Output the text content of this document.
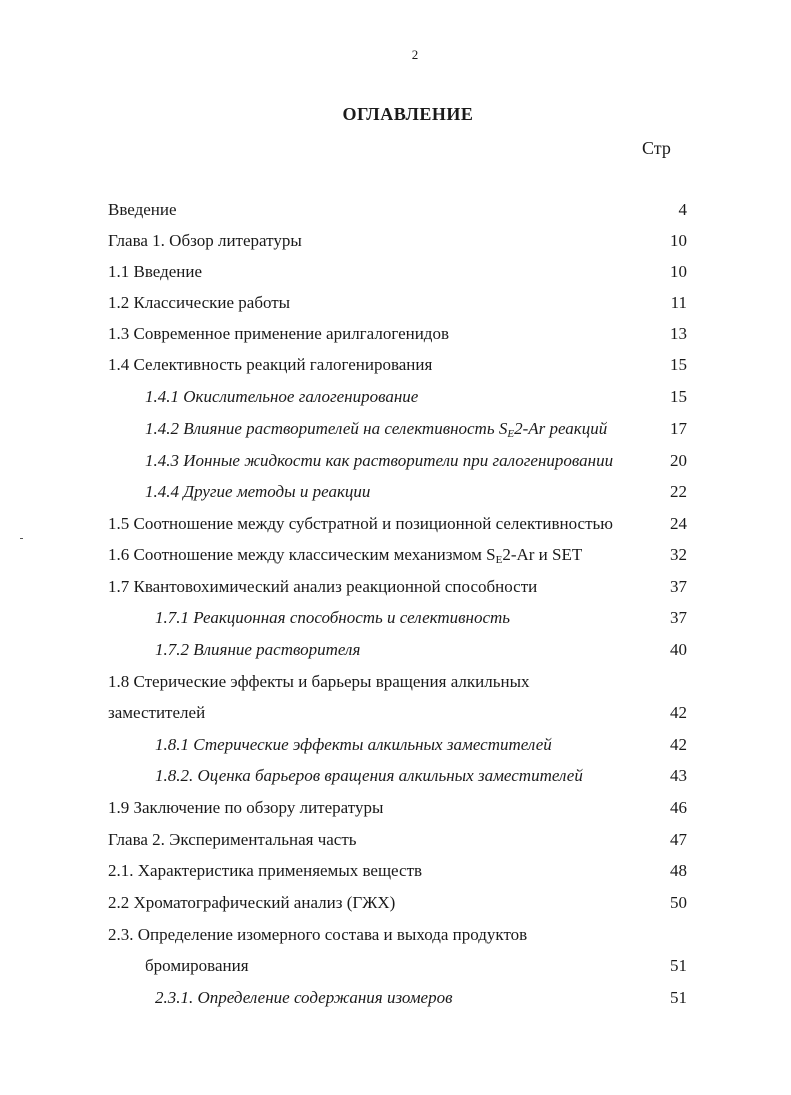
2
ОГЛАВЛЕНИЕ
Стр
Введение	4
Глава 1. Обзор литературы	10
1.1 Введение	10
1.2 Классические работы	11
1.3 Современное применение арилгалогенидов	13
1.4 Селективность реакций галогенирования	15
1.4.1 Окислительное галогенирование	15
1.4.2 Влияние растворителей на селективность SE2-Ar реакций	17
1.4.3 Ионные жидкости как растворители при галогенировании	20
1.4.4 Другие методы и реакции	22
1.5 Соотношение между субстратной и позиционной селективностью	24
1.6 Соотношение между классическим механизмом SE2-Ar и SET	32
1.7 Квантовохимический анализ реакционной способности	37
1.7.1 Реакционная способность и селективность	37
1.7.2 Влияние растворителя	40
1.8 Стерические эффекты и барьеры вращения алкильных
заместителей	42
1.8.1 Стерические эффекты алкильных заместителей	42
1.8.2. Оценка барьеров вращения алкильных заместителей	43
1.9 Заключение по обзору литературы	46
Глава 2. Экспериментальная часть	47
2.1. Характеристика применяемых веществ	48
2.2 Хроматографический анализ (ГЖХ)	50
2.3. Определение изомерного состава и выхода продуктов
бромирования	51
2.3.1. Определение содержания изомеров	51
